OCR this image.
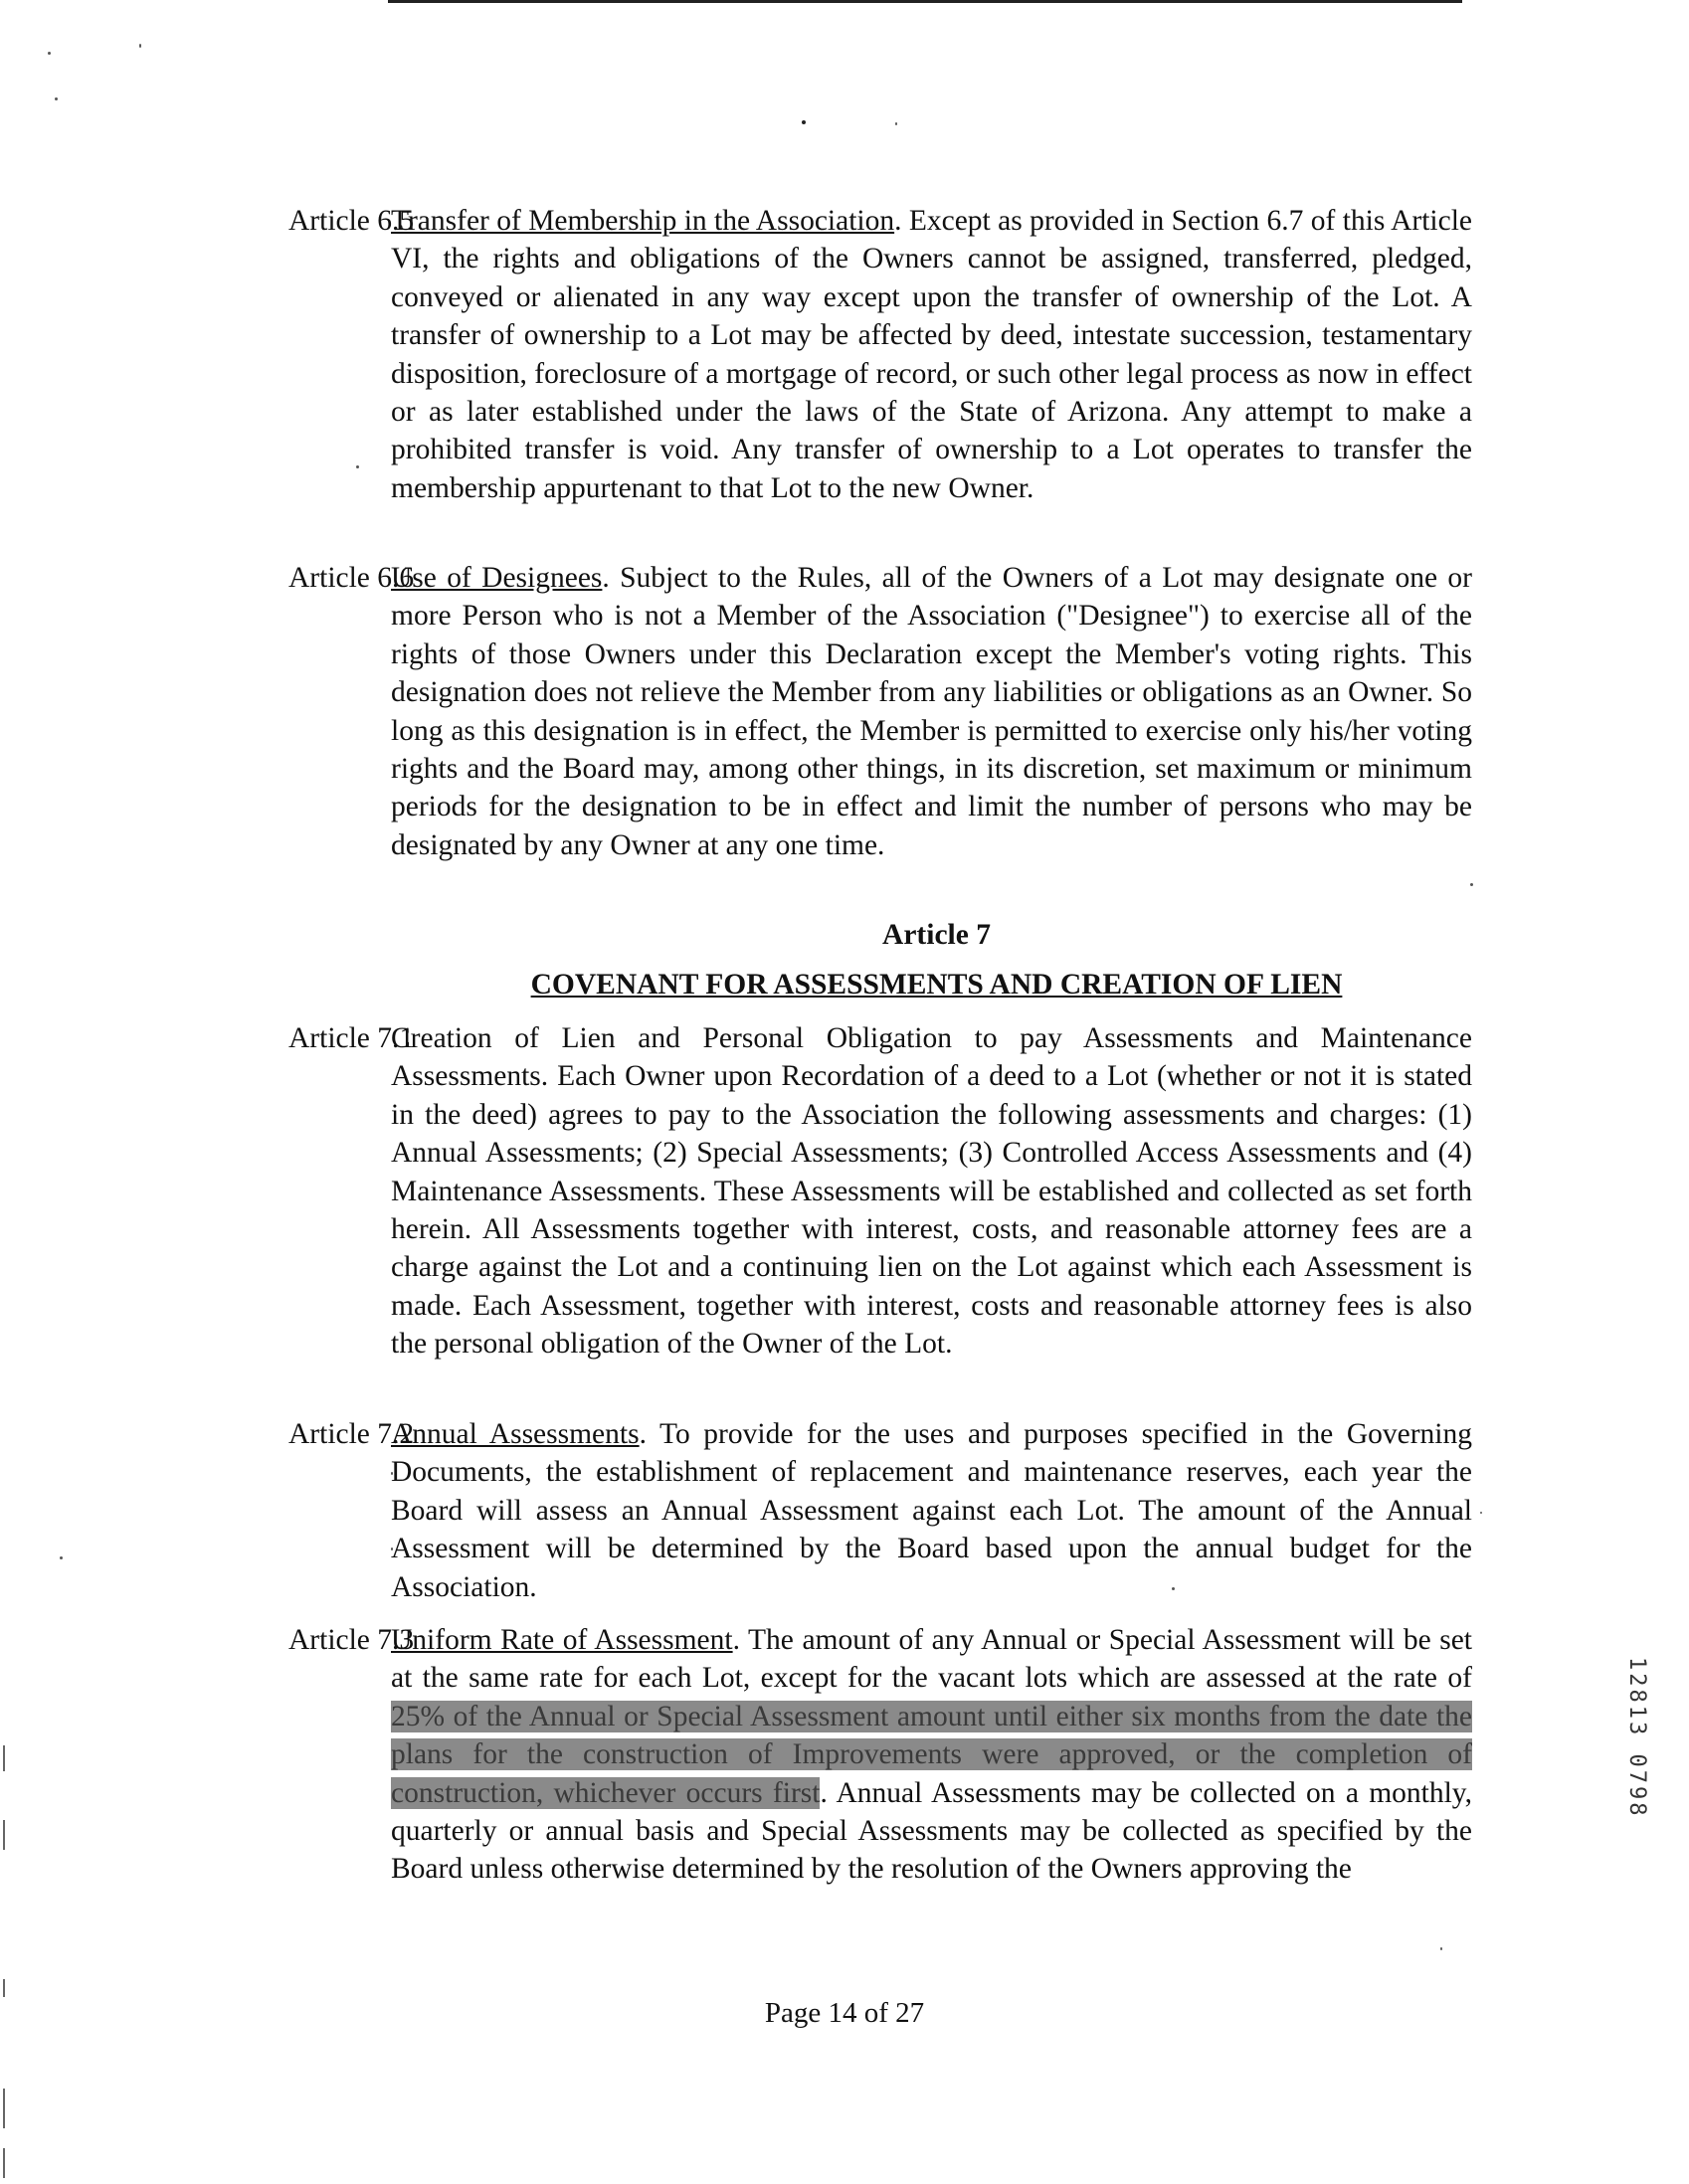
Article 6.5
Transfer of Membership in the Association. Except as provided in Section 6.7 of this Article VI, the rights and obligations of the Owners cannot be assigned, transferred, pledged, conveyed or alienated in any way except upon the transfer of ownership of the Lot. A transfer of ownership to a Lot may be affected by deed, intestate succession, testamentary disposition, foreclosure of a mortgage of record, or such other legal process as now in effect or as later established under the laws of the State of Arizona. Any attempt to make a prohibited transfer is void. Any transfer of ownership to a Lot operates to transfer the membership appurtenant to that Lot to the new Owner.
Article 6.6
Use of Designees. Subject to the Rules, all of the Owners of a Lot may designate one or more Person who is not a Member of the Association ("Designee") to exercise all of the rights of those Owners under this Declaration except the Member's voting rights. This designation does not relieve the Member from any liabilities or obligations as an Owner. So long as this designation is in effect, the Member is permitted to exercise only his/her voting rights and the Board may, among other things, in its discretion, set maximum or minimum periods for the designation to be in effect and limit the number of persons who may be designated by any Owner at any one time.
Article 7
COVENANT FOR ASSESSMENTS AND CREATION OF LIEN
Article 7.1
Creation of Lien and Personal Obligation to pay Assessments and Maintenance Assessments. Each Owner upon Recordation of a deed to a Lot (whether or not it is stated in the deed) agrees to pay to the Association the following assessments and charges: (1) Annual Assessments; (2) Special Assessments; (3) Controlled Access Assessments and (4) Maintenance Assessments. These Assessments will be established and collected as set forth herein. All Assessments together with interest, costs, and reasonable attorney fees are a charge against the Lot and a continuing lien on the Lot against which each Assessment is made. Each Assessment, together with interest, costs and reasonable attorney fees is also the personal obligation of the Owner of the Lot.
Article 7.2
Annual Assessments. To provide for the uses and purposes specified in the Governing Documents, the establishment of replacement and maintenance reserves, each year the Board will assess an Annual Assessment against each Lot. The amount of the Annual Assessment will be determined by the Board based upon the annual budget for the Association.
Article 7.3
Uniform Rate of Assessment. The amount of any Annual or Special Assessment will be set at the same rate for each Lot, except for the vacant lots which are assessed at the rate of 25% of the Annual or Special Assessment amount until either six months from the date the plans for the construction of Improvements were approved, or the completion of construction, whichever occurs first. Annual Assessments may be collected on a monthly, quarterly or annual basis and Special Assessments may be collected as specified by the Board unless otherwise determined by the resolution of the Owners approving the
Page 14 of 27

12813 0798
